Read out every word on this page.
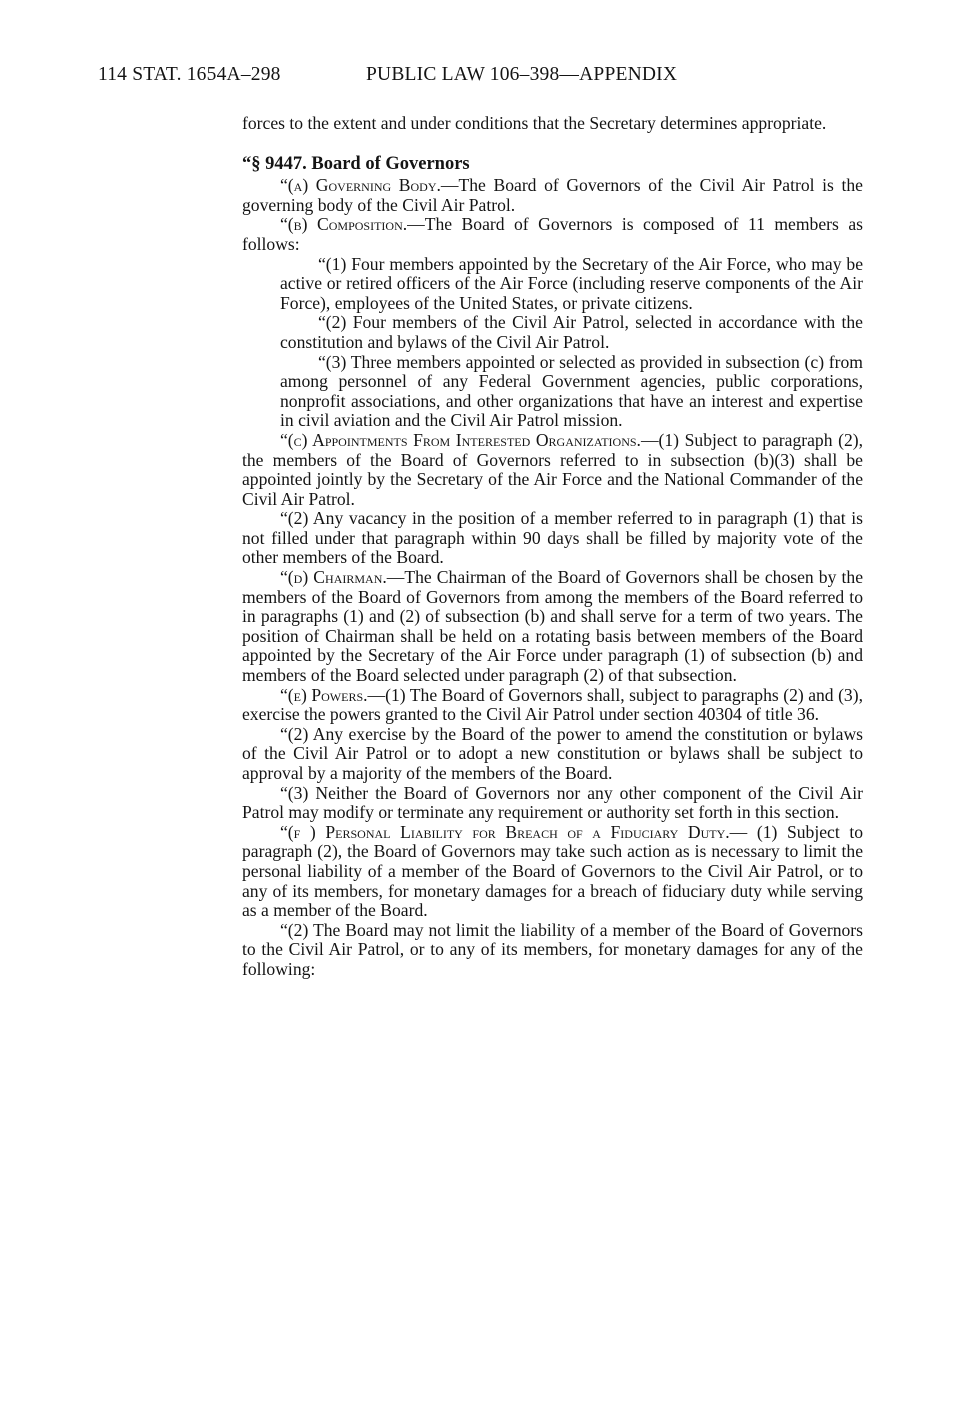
114 STAT. 1654A–298	PUBLIC LAW 106–398—APPENDIX

forces to the extent and under conditions that the Secretary determines appropriate.

“§ 9447. Board of Governors

“(a) Governing Body.—The Board of Governors of the Civil Air Patrol is the governing body of the Civil Air Patrol.

“(b) Composition.—The Board of Governors is composed of 11 members as follows:

“(1) Four members appointed by the Secretary of the Air Force, who may be active or retired officers of the Air Force (including reserve components of the Air Force), employees of the United States, or private citizens.

“(2) Four members of the Civil Air Patrol, selected in accordance with the constitution and bylaws of the Civil Air Patrol.

“(3) Three members appointed or selected as provided in subsection (c) from among personnel of any Federal Government agencies, public corporations, nonprofit associations, and other organizations that have an interest and expertise in civil aviation and the Civil Air Patrol mission.

“(c) Appointments From Interested Organizations.—(1) Subject to paragraph (2), the members of the Board of Governors referred to in subsection (b)(3) shall be appointed jointly by the Secretary of the Air Force and the National Commander of the Civil Air Patrol.

“(2) Any vacancy in the position of a member referred to in paragraph (1) that is not filled under that paragraph within 90 days shall be filled by majority vote of the other members of the Board.

“(d) Chairman.—The Chairman of the Board of Governors shall be chosen by the members of the Board of Governors from among the members of the Board referred to in paragraphs (1) and (2) of subsection (b) and shall serve for a term of two years. The position of Chairman shall be held on a rotating basis between members of the Board appointed by the Secretary of the Air Force under paragraph (1) of subsection (b) and members of the Board selected under paragraph (2) of that subsection.

“(e) Powers.—(1) The Board of Governors shall, subject to paragraphs (2) and (3), exercise the powers granted to the Civil Air Patrol under section 40304 of title 36.

“(2) Any exercise by the Board of the power to amend the constitution or bylaws of the Civil Air Patrol or to adopt a new constitution or bylaws shall be subject to approval by a majority of the members of the Board.

“(3) Neither the Board of Governors nor any other component of the Civil Air Patrol may modify or terminate any requirement or authority set forth in this section.

“(f ) Personal Liability for Breach of a Fiduciary Duty.— (1) Subject to paragraph (2), the Board of Governors may take such action as is necessary to limit the personal liability of a member of the Board of Governors to the Civil Air Patrol, or to any of its members, for monetary damages for a breach of fiduciary duty while serving as a member of the Board.

“(2) The Board may not limit the liability of a member of the Board of Governors to the Civil Air Patrol, or to any of its members, for monetary damages for any of the following:
